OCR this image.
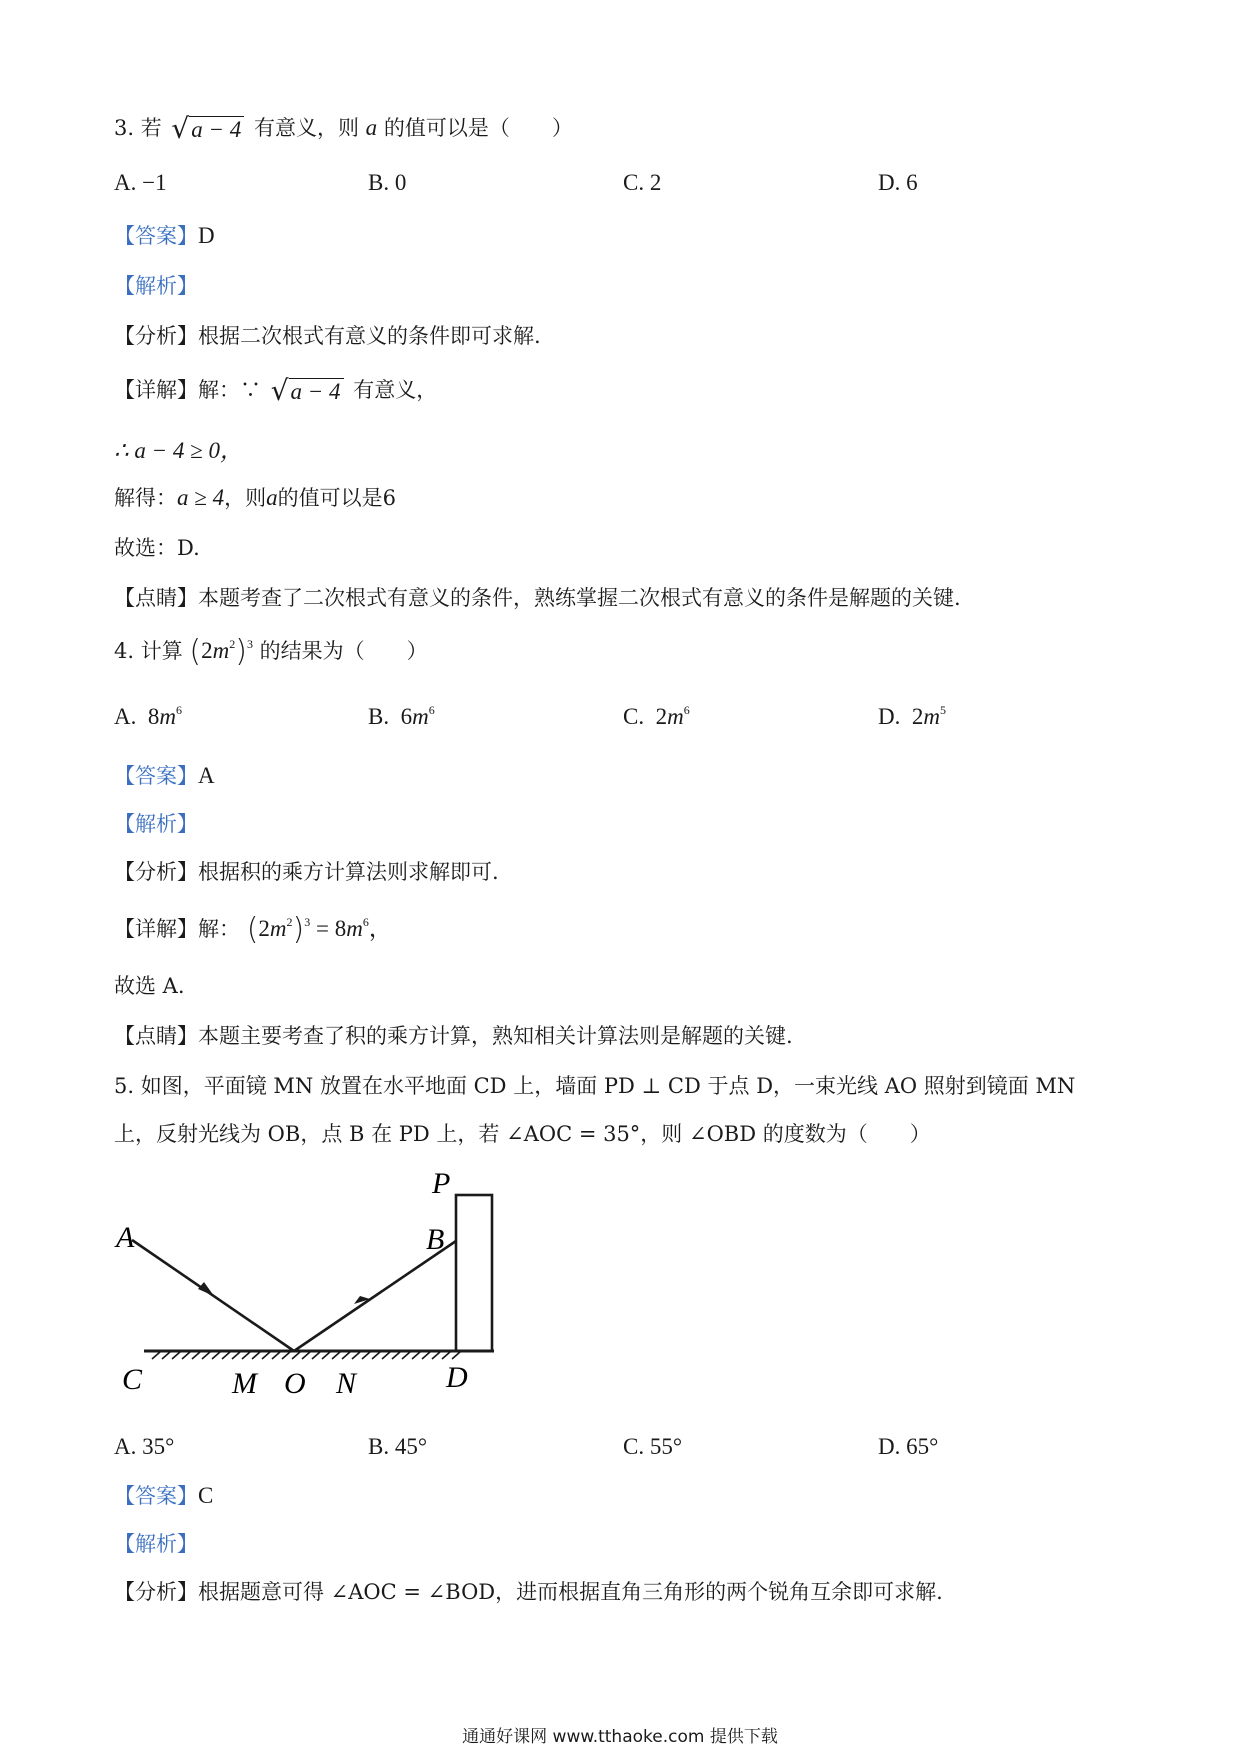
3. 若 √ a − 4 有意义，则 a 的值可以是（　　）
A. −1	B. 0	C. 2	D. 6
【答案】D
【解析】
【分析】根据二次根式有意义的条件即可求解.
【详解】解：∵ √ a − 4 有意义，
∴ a − 4 ≥ 0，
解得：a ≥ 4，则a的值可以是6
故选：D.
【点睛】本题考查了二次根式有意义的条件，熟练掌握二次根式有意义的条件是解题的关键.
4. 计算 $(2m^2)^3$ 的结果为（　　）
A. $8m^6$	B. $6m^6$	C. $2m^6$	D. $2m^5$
【答案】A
【解析】
【分析】根据积的乘方计算法则求解即可.
【详解】解： $(2m^2)^3 = 8m^6$，
故选 A.
【点睛】本题主要考查了积的乘方计算，熟知相关计算法则是解题的关键.
5. 如图，平面镜 MN 放置在水平地面 CD 上，墙面 PD ⊥ CD 于点 D，一束光线 AO 照射到镜面 MN
上，反射光线为 OB，点 B 在 PD 上，若 ∠AOC = 35°，则 ∠OBD 的度数为（　　）
P
A	B
C	M O N	D
A. 35°	B. 45°	C. 55°	D. 65°
【答案】C
【解析】
【分析】根据题意可得 ∠AOC = ∠BOD，进而根据直角三角形的两个锐角互余即可求解.
通通好课网 www.tthaoke.com 提供下载
